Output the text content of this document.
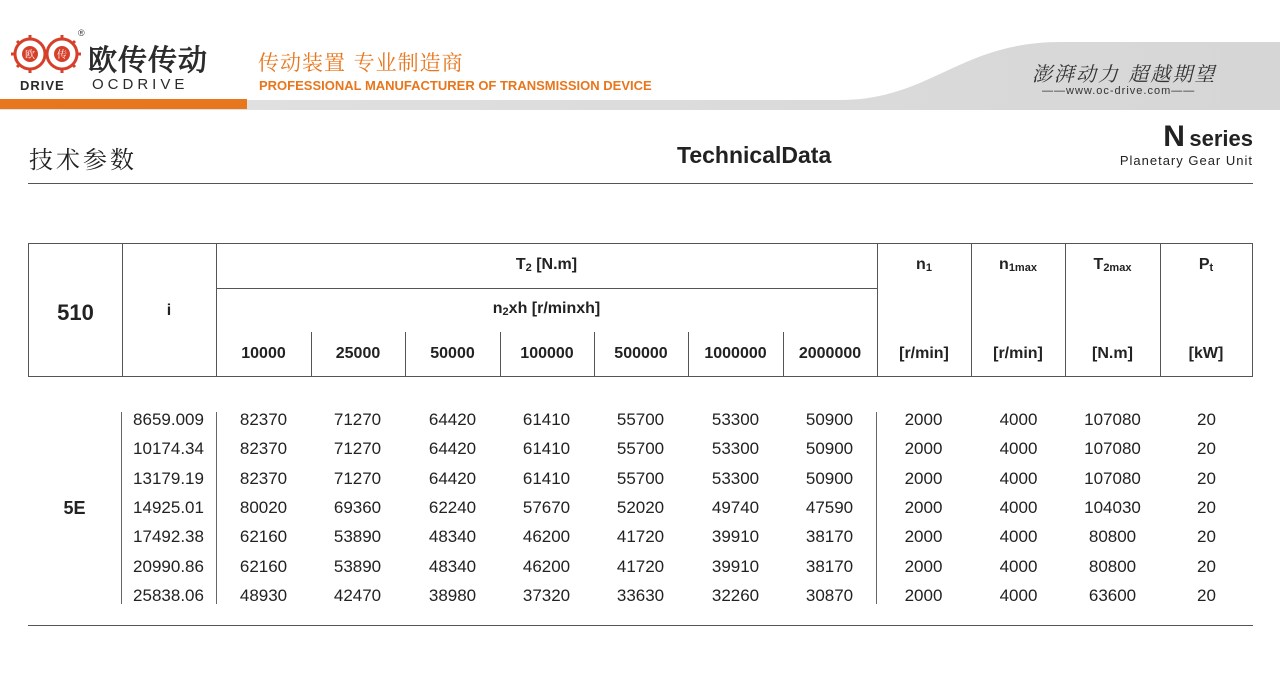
欧 传
®
欧传传动
DRIVE OCDRIVE
传动装置 专业制造商
PROFESSIONAL MANUFACTURER OF TRANSMISSION DEVICE	澎湃动力 超越期望
——www.oc-drive.com——
技术参数	TechnicalData
N series
Planetary Gear Unit
510	i
$T_2$ [N.m]
$n_2xh$ [r/minxh]
10000	25000	50000	100000	500000	1000000	2000000
$n_1$
[r/min]
$n_{1max}$
[r/min]
$T_{2max}$
[N.m]
$P_t$
[kW]
5E
8659.009	82370	71270	64420	61410	55700	53300	50900	2000	4000	107080	20
10174.34	82370	71270	64420	61410	55700	53300	50900	2000	4000	107080	20
13179.19	82370	71270	64420	61410	55700	53300	50900	2000	4000	107080	20
14925.01	80020	69360	62240	57670	52020	49740	47590	2000	4000	104030	20
17492.38	62160	53890	48340	46200	41720	39910	38170	2000	4000	80800	20
20990.86	62160	53890	48340	46200	41720	39910	38170	2000	4000	80800	20
25838.06	48930	42470	38980	37320	33630	32260	30870	2000	4000	63600	20
